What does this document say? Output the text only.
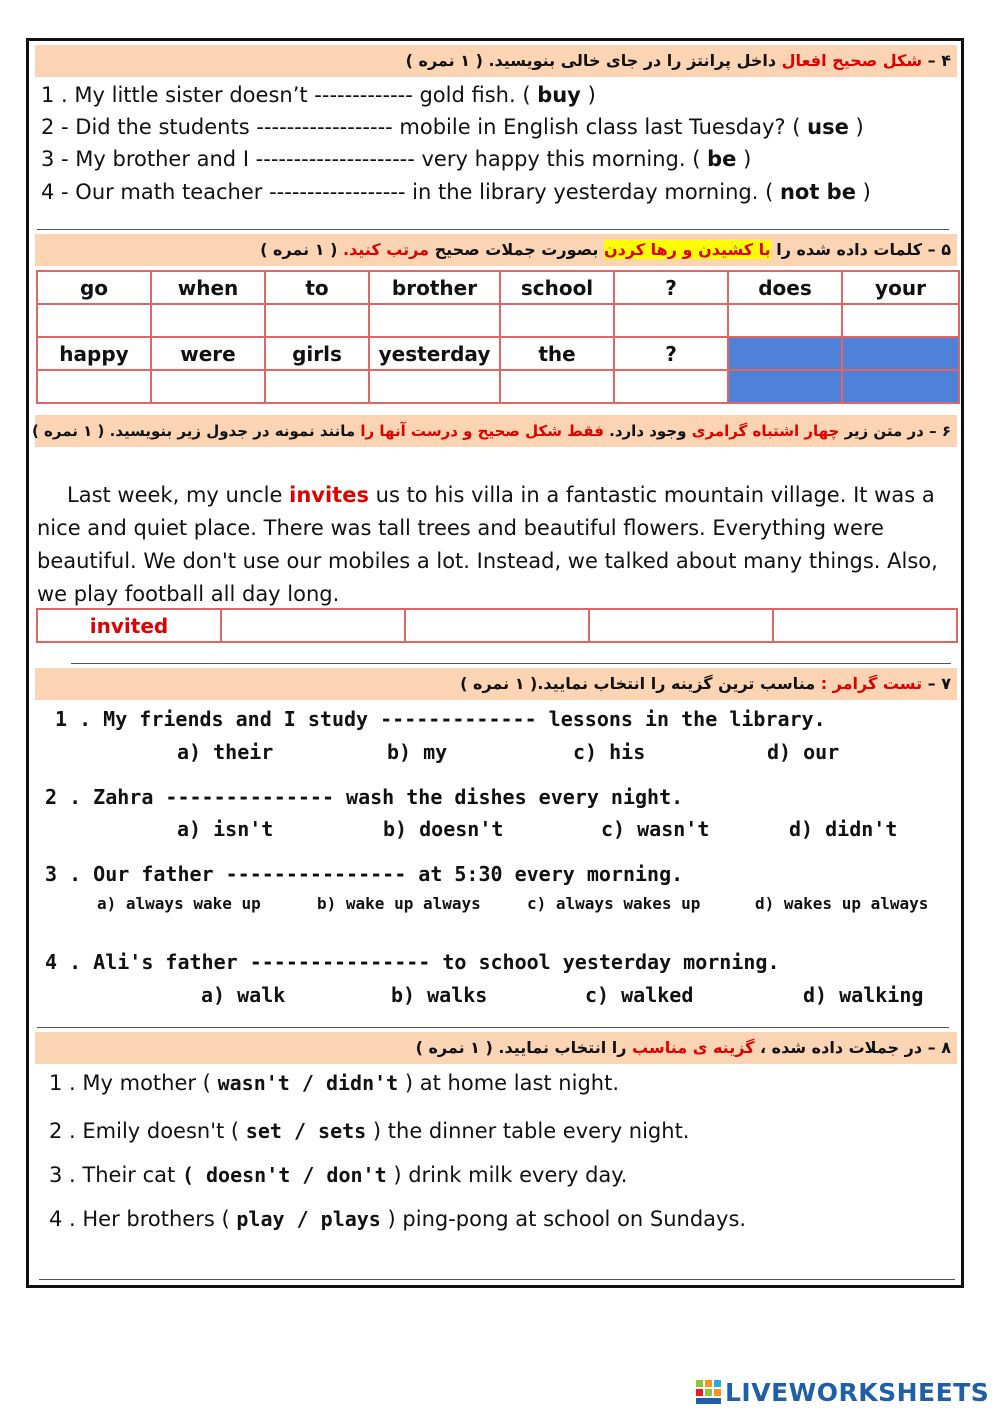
۴ – شکل صحیح افعال داخل پرانتز را در جای خالی بنویسید. ( ۱ نمره )
1 . My little sister doesn’t ------------- gold fish. ( buy )
2 - Did the students ------------------ mobile in English class last Tuesday? ( use )
3 - My brother and I --------------------- very happy this morning. ( be )
4 - Our math teacher ------------------ in the library yesterday morning. ( not be )
۵ – کلمات داده شده را با کشیدن و رها کردن بصورت جملات صحیح مرتب کنید. ( ۱ نمره )
go	when	to	brother	school	?	does	your

happy	were	girls	yesterday	the	?		

۶ – در متن زیر چهار اشتباه گرامری وجود دارد. فقط شکل صحیح و درست آنها را مانند نمونه در جدول زیر بنویسید. ( ۱ نمره )
Last week, my uncle invites us to his villa in a fantastic mountain village. It was a nice and quiet place. There was tall trees and beautiful flowers. Everything were beautiful. We don't use our mobiles a lot. Instead, we talked about many things. Also, we play football all day long.
invited				
۷ – تست گرامر : مناسب ترین گزینه را انتخاب نمایید.( ۱ نمره )
1 . My friends and I study ------------- lessons in the library.
a) their	b) my	c) his	d) our
2 . Zahra -------------- wash the dishes every night.
a) isn't	b) doesn't	c) wasn't	d) didn't
3 . Our father --------------- at 5:30 every morning.
a) always wake up	b) wake up always	c) always wakes up	d) wakes up always
4 . Ali's father --------------- to school yesterday morning.
a) walk	b) walks	c) walked	d) walking
۸ – در جملات داده شده ، گزینه ی مناسب را انتخاب نمایید. ( ۱ نمره )
1 . My mother ( wasn't / didn't ) at home last night.
2 . Emily doesn't ( set / sets ) the dinner table every night.
3 . Their cat ( doesn't / don't ) drink milk every day.
4 . Her brothers ( play / plays ) ping-pong at school on Sundays.
LIVEWORKSHEETS
